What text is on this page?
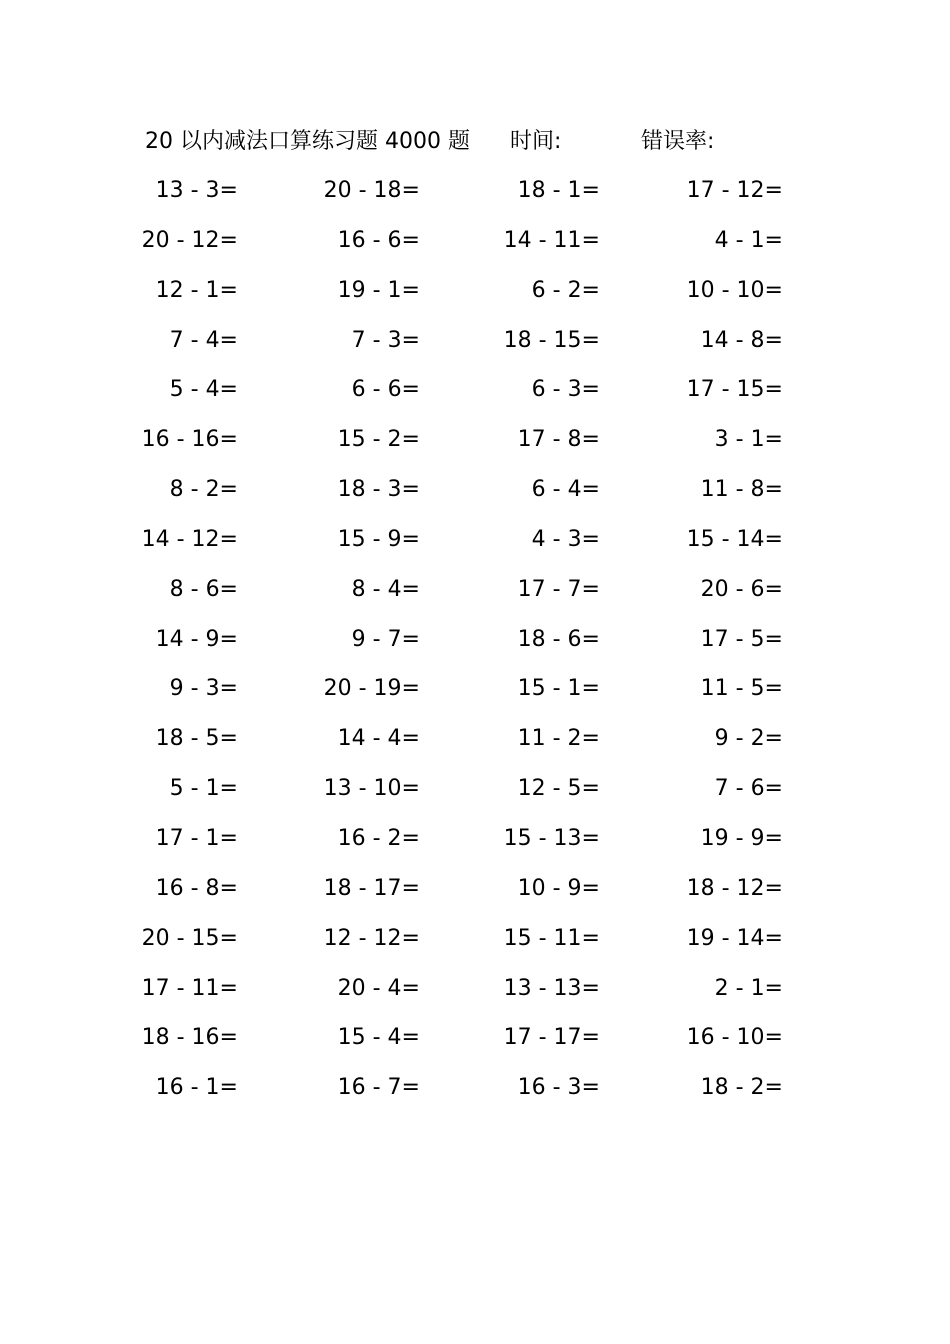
20 以内减法口算练习题 4000 题 时间:	错误率:
13 - 3=	20 - 18=	18 - 1=	17 - 12=
20 - 12=	16 - 6=	14 - 11=	4 - 1=
12 - 1=	19 - 1=	6 - 2=	10 - 10=
7 - 4=	7 - 3=	18 - 15=	14 - 8=
5 - 4=	6 - 6=	6 - 3=	17 - 15=
16 - 16=	15 - 2=	17 - 8=	3 - 1=
8 - 2=	18 - 3=	6 - 4=	11 - 8=
14 - 12=	15 - 9=	4 - 3=	15 - 14=
8 - 6=	8 - 4=	17 - 7=	20 - 6=
14 - 9=	9 - 7=	18 - 6=	17 - 5=
9 - 3=	20 - 19=	15 - 1=	11 - 5=
18 - 5=	14 - 4=	11 - 2=	9 - 2=
5 - 1=	13 - 10=	12 - 5=	7 - 6=
17 - 1=	16 - 2=	15 - 13=	19 - 9=
16 - 8=	18 - 17=	10 - 9=	18 - 12=
20 - 15=	12 - 12=	15 - 11=	19 - 14=
17 - 11=	20 - 4=	13 - 13=	2 - 1=
18 - 16=	15 - 4=	17 - 17=	16 - 10=
16 - 1=	16 - 7=	16 - 3=	18 - 2=
